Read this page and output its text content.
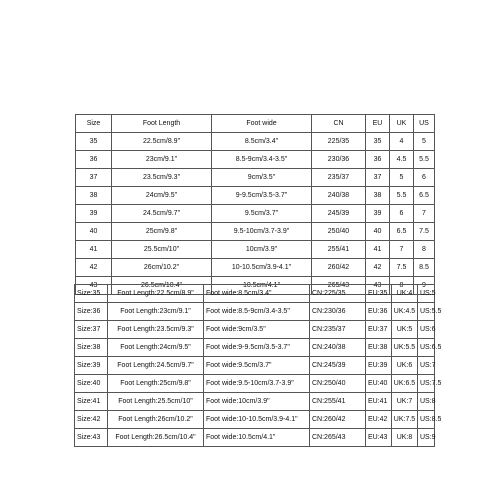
Size	Foot Length	Foot wide	CN	EU	UK	US
35	22.5cm/8.9"	8.5cm/3.4"	225/35	35	4	5
36	23cm/9.1"	8.5-9cm/3.4-3.5"	230/36	36	4.5	5.5
37	23.5cm/9.3"	9cm/3.5"	235/37	37	5	6
38	24cm/9.5"	9-9.5cm/3.5-3.7"	240/38	38	5.5	6.5
39	24.5cm/9.7"	9.5cm/3.7"	245/39	39	6	7
40	25cm/9.8"	9.5-10cm/3.7-3.9"	250/40	40	6.5	7.5
41	25.5cm/10"	10cm/3.9"	255/41	41	7	8
42	26cm/10.2"	10-10.5cm/3.9-4.1"	260/42	42	7.5	8.5
43	26.5cm/10.4"	10.5cm/4.1"	265/43	43	8	9
Size:35	Foot Length:22.5cm/8.9"	Foot wide:8.5cm/3.4"	CN:225/35	EU:35	UK:4	US:5
Size:36	Foot Length:23cm/9.1"	Foot wide:8.5-9cm/3.4-3.5"	CN:230/36	EU:36	UK:4.5	US:5.5
Size:37	Foot Length:23.5cm/9.3"	Foot wide:9cm/3.5"	CN:235/37	EU:37	UK:5	US:6
Size:38	Foot Length:24cm/9.5"	Foot wide:9-9.5cm/3.5-3.7"	CN:240/38	EU:38	UK:5.5	US:6.5
Size:39	Foot Length:24.5cm/9.7"	Foot wide:9.5cm/3.7"	CN:245/39	EU:39	UK:6	US:7
Size:40	Foot Length:25cm/9.8"	Foot wide:9.5-10cm/3.7-3.9"	CN:250/40	EU:40	UK:6.5	US:7.5
Size:41	Foot Length:25.5cm/10"	Foot wide:10cm/3.9"	CN:255/41	EU:41	UK:7	US:8
Size:42	Foot Length:26cm/10.2"	Foot wide:10-10.5cm/3.9-4.1"	CN:260/42	EU:42	UK:7.5	US:8.5
Size:43	Foot Length:26.5cm/10.4"	Foot wide:10.5cm/4.1"	CN:265/43	EU:43	UK:8	US:9
